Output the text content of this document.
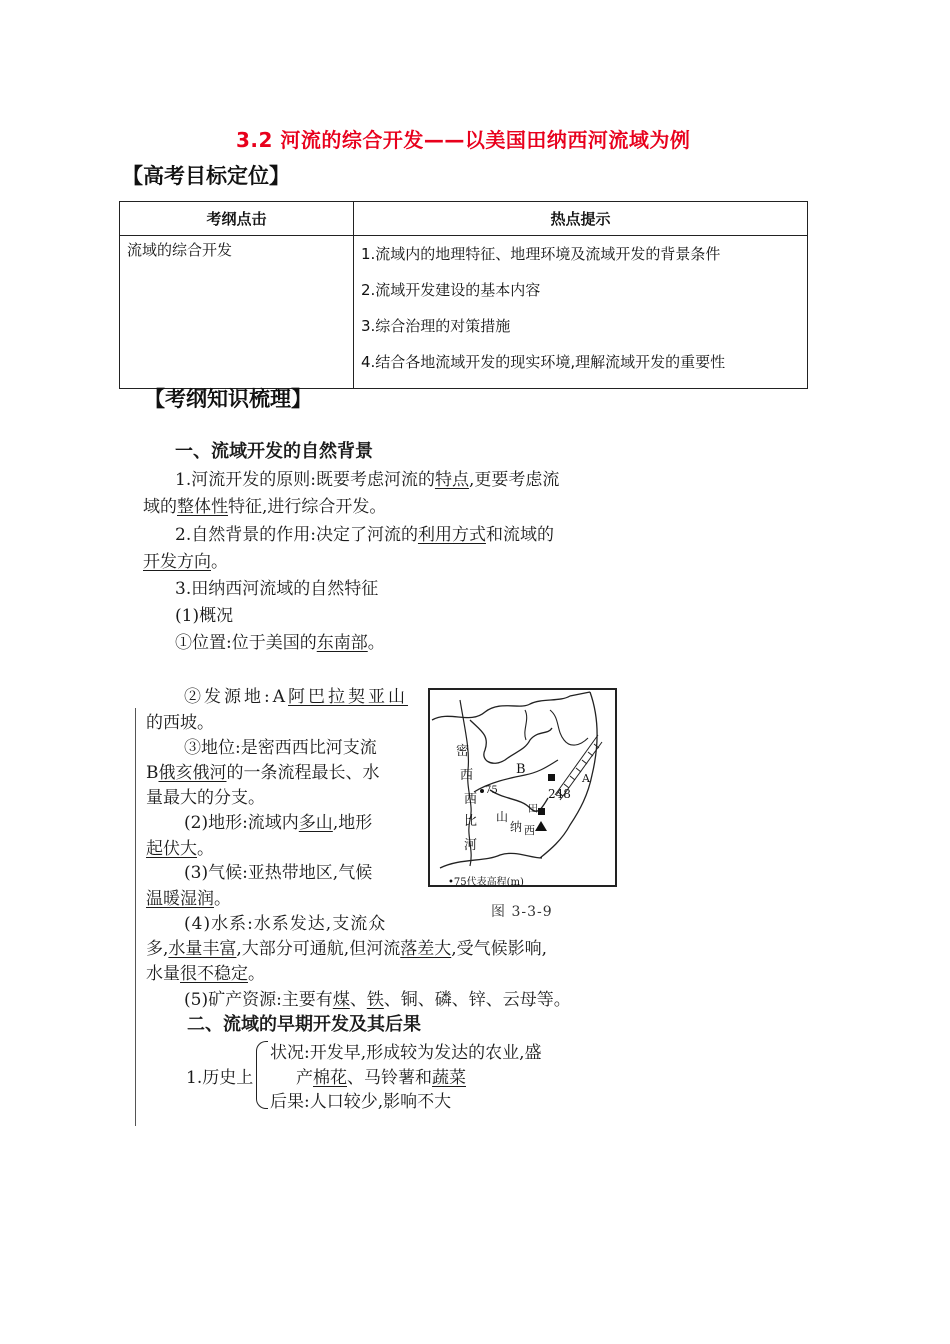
3.2 河流的综合开发——以美国田纳西河流域为例
【高考目标定位】
考纲点击	热点提示
流域的综合开发	1.流域内的地理特征、地理环境及流域开发的背景条件
2.流域开发建设的基本内容
3.综合治理的对策措施
4.结合各地流域开发的现实环境,理解流域开发的重要性
【考纲知识梳理】
一、流域开发的自然背景
1.河流开发的原则:既要考虑河流的特点,更要考虑流
域的整体性特征,进行综合开发。
2.自然背景的作用:决定了河流的利用方式和流域的
开发方向。
3.田纳西河流域的自然特征
(1)概况
①位置:位于美国的东南部。
②发源地:A阿巴拉契亚山
的西坡。
③地位:是密西西比河支流
B俄亥俄河的一条流程最长、水
量最大的分支。
(2)地形:流域内多山,地形
起伏大。
(3)气候:亚热带地区,气候
温暖湿润。
(4)水系:水系发达,支流众
多,水量丰富,大部分可通航,但河流落差大,受气候影响,
水量很不稳定。
(5)矿产资源:主要有煤、铁、铜、磷、锌、云母等。
二、流域的早期开发及其后果
1.历史上
状况:开发早,形成较为发达的农业,盛
产棉花、马铃薯和蔬菜
后果:人口较少,影响不大
密
西
西
比
河
B
A
75	248
山
纳 西
田
•75代表高程(m)
图 3-3-9
